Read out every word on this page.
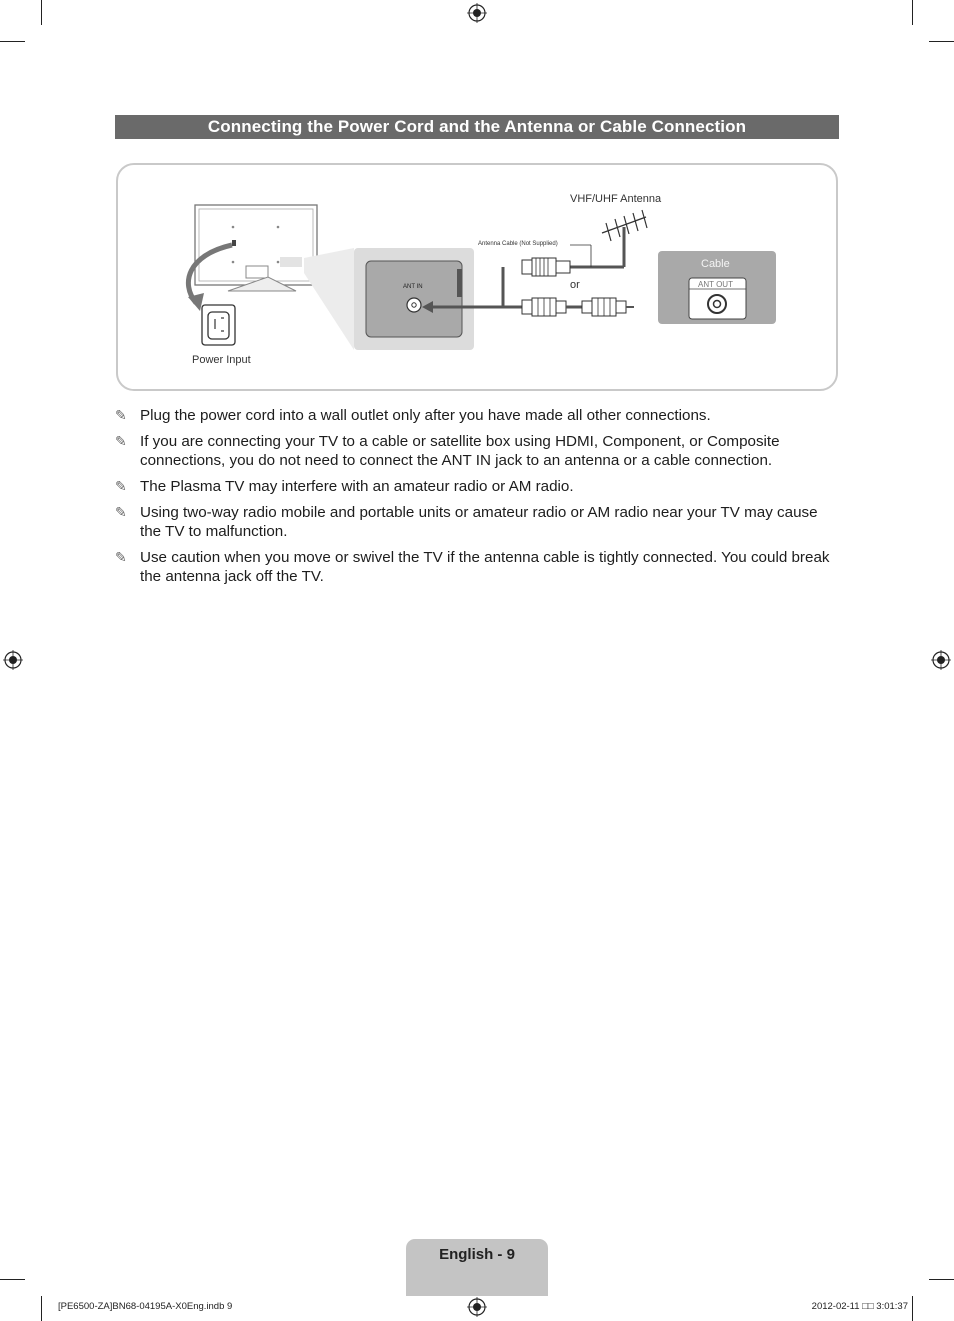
Connecting the Power Cord and the Antenna or Cable Connection
VHF/UHF Antenna
Antenna Cable (Not Supplied)
or
Cable
ANT OUT
ANT IN
Power Input
✎ Plug the power cord into a wall outlet only after you have made all other connections.
✎ If you are connecting your TV to a cable or satellite box using HDMI, Component, or Composite connections, you do not need to connect the ANT IN jack to an antenna or a cable connection.
✎ The Plasma TV may interfere with an amateur radio or AM radio.
✎ Using two-way radio mobile and portable units or amateur radio or AM radio near your TV may cause the TV to malfunction.
✎ Use caution when you move or swivel the TV if the antenna cable is tightly connected. You could break the antenna jack off the TV.
English - 9
[PE6500-ZA]BN68-04195A-X0Eng.indb 9	2012-02-11 □□ 3:01:37
